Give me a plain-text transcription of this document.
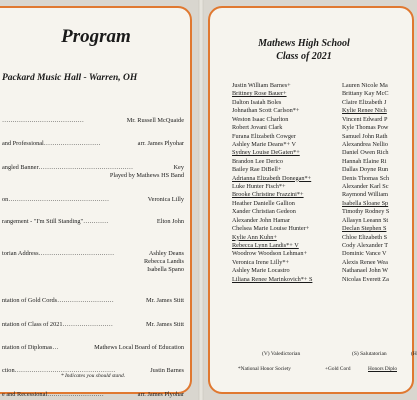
Program
Packard Music Hall - Warren, OH
…………………………………	Mr. Russell McQuaide
and Professional………………………	arr. James Plyohar
angled Banner………………………………………	Key
Played by Mathews HS Band
on…………………………………………	Veronica Lilly
rangement - "I'm Still Standing"…………	Elton John
torian Address………………………………	Ashley Deans
Rebecca Landis
Isabella Spano
ntation of Gold Cords………………………	Mr. James Stitt
ntation of Class of 2021……………………	Mr. James Stitt
ntation of Diplomas…	Mathews Local Board of Education
ction…………………………………………	Justin Barnes
e and Recessional………………………	arr. James Plyohar
* Indicates you should stand.
Mathews High School
Class of 2021
Justin William Barnes+
Brittney Rose Bauer+
Dalton Isaiah Boles
Johnathan Scott Carlson*+
Weston Isaac Charlton
Robert Jovani Clark
Furana Elizabeth Cowger
Ashley Marie Deans*+ V
Sydney Louise DeGaten*+
Brandon Lee Derico
Bailey Rae DiBell+
Adrianna Elizabeth Donegan*+
Luke Hunter Fisch*+
Brooke Christine Frazzini*+
Heather Danielle Gallion
Xander Christian Gedeon
Alexander John Hamar
Chelsea Marie Louise Hunter+
Kylie Ann Kuhn+
Rebecca Lynn Landis*+ V
Woodrow Woodson Lehman+
Veronica Irene Lilly*+
Ashley Marie Locastro
Liliana Renee Marinkovich*+ S
Lauren Nicole Ma
Brittany Kay McC
Claire Elizabeth J
Kylie Renee Nich
Vincent Edward P
Kyle Thomas Pow
Samuel John Rath
Alexandrea Nellio
Daniel Owen Rich
Hannah Elaine Ri
Dallas Doyne Run
Denis Thomas Sch
Alexander Karl Sc
Raymond William
Isabella Sloane Sp
Timothy Rodney S
Allasyn Leeann St
Declan Stephen S
Chloe Elizabeth S
Cody Alexander T
Dominic Vance V
Alexis Renee Wea
Nathanael John W
Nicolas Everett Za
(V) Valedictorian	(S) Salutatorian	(H
*National Honor Society	+Gold Cord	Honors Diplo
